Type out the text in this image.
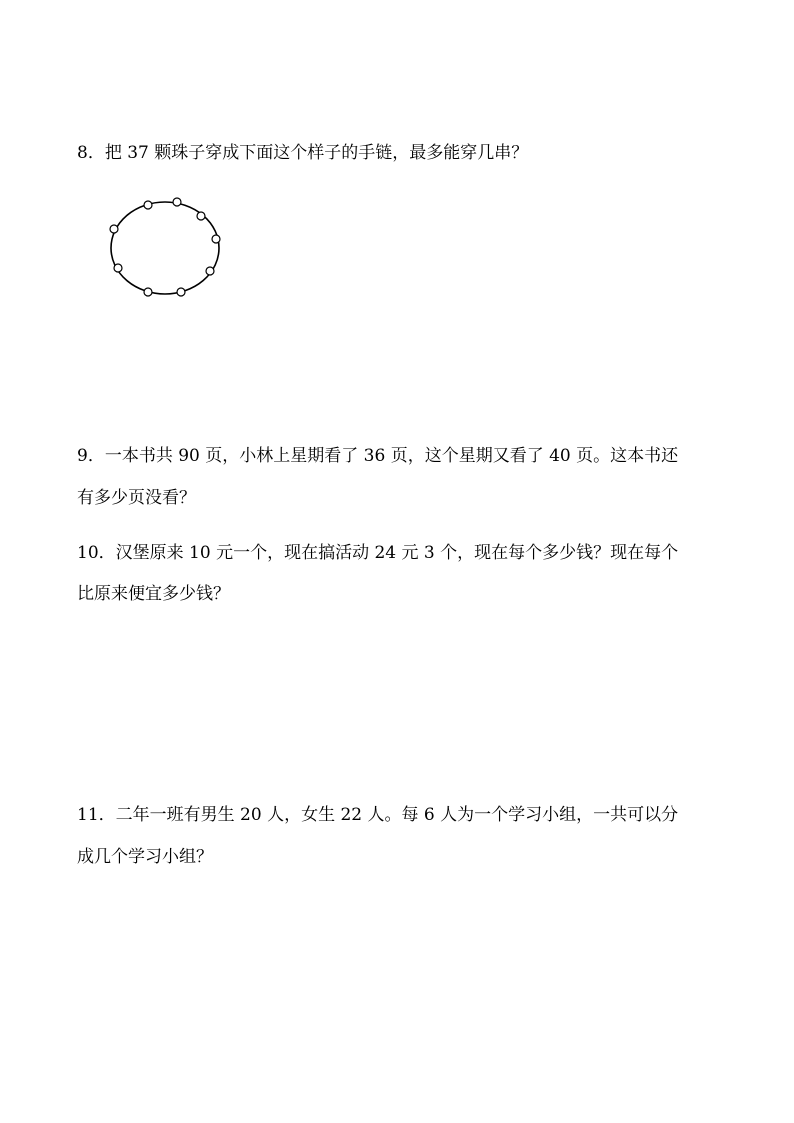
8．把 37 颗珠子穿成下面这个样子的手链，最多能穿几串？
9．一本书共 90 页，小林上星期看了 36 页，这个星期又看了 40 页。这本书还
有多少页没看？
10．汉堡原来 10 元一个，现在搞活动 24 元 3 个，现在每个多少钱？现在每个
比原来便宜多少钱？
11．二年一班有男生 20 人，女生 22 人。每 6 人为一个学习小组，一共可以分
成几个学习小组？
